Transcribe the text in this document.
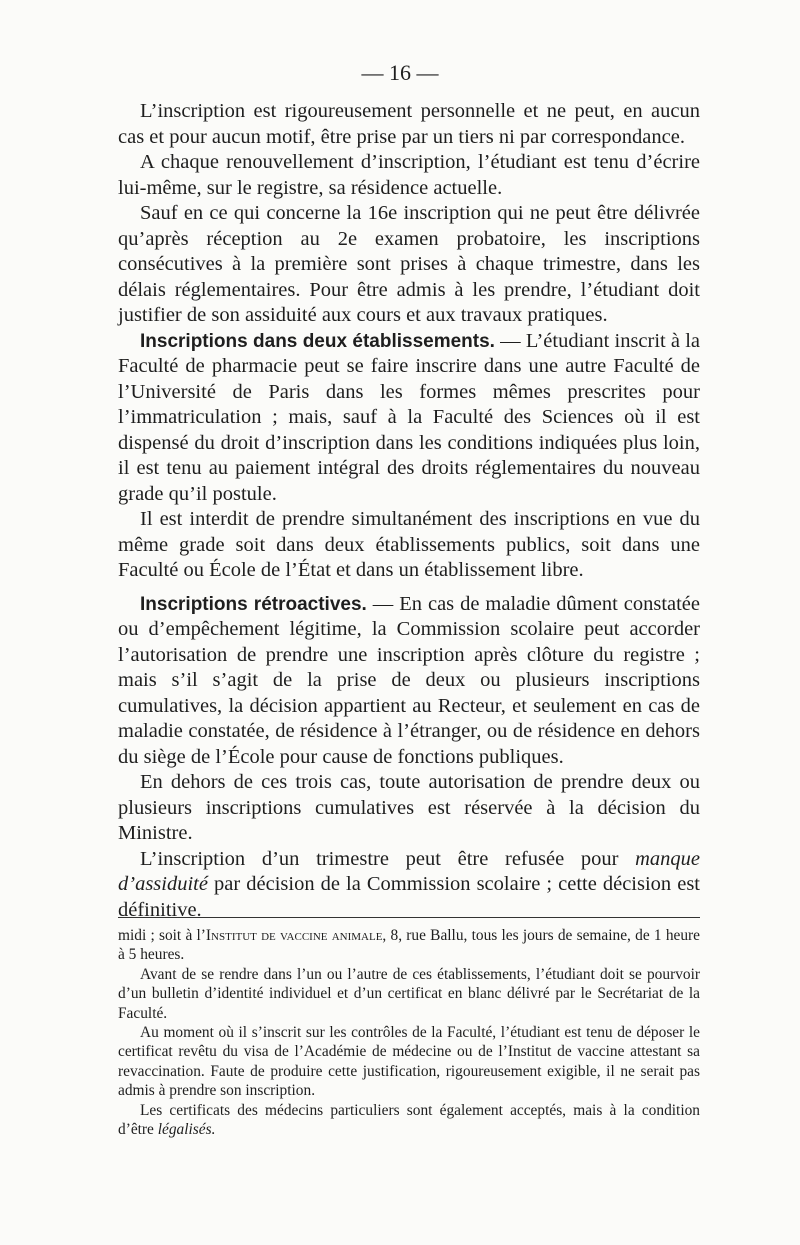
— 16 —

L’inscription est rigoureusement personnelle et ne peut, en aucun cas et pour aucun motif, être prise par un tiers ni par correspondance.

A chaque renouvellement d’inscription, l’étudiant est tenu d’écrire lui-même, sur le registre, sa résidence actuelle.

Sauf en ce qui concerne la 16e inscription qui ne peut être délivrée qu’après réception au 2e examen probatoire, les inscriptions consécutives à la première sont prises à chaque trimestre, dans les délais réglementaires. Pour être admis à les prendre, l’étudiant doit justifier de son assiduité aux cours et aux travaux pratiques.

Inscriptions dans deux établissements. — L’étudiant inscrit à la Faculté de pharmacie peut se faire inscrire dans une autre Faculté de l’Université de Paris dans les formes mêmes prescrites pour l’immatriculation ; mais, sauf à la Faculté des Sciences où il est dispensé du droit d’inscription dans les conditions indiquées plus loin, il est tenu au paiement intégral des droits réglementaires du nouveau grade qu’il postule.

Il est interdit de prendre simultanément des inscriptions en vue du même grade soit dans deux établissements publics, soit dans une Faculté ou École de l’État et dans un établissement libre.

Inscriptions rétroactives. — En cas de maladie dûment constatée ou d’empêchement légitime, la Commission scolaire peut accorder l’autorisation de prendre une inscription après clôture du registre ; mais s’il s’agit de la prise de deux ou plusieurs inscriptions cumulatives, la décision appartient au Recteur, et seulement en cas de maladie constatée, de résidence à l’étranger, ou de résidence en dehors du siège de l’École pour cause de fonctions publiques.

En dehors de ces trois cas, toute autorisation de prendre deux ou plusieurs inscriptions cumulatives est réservée à la décision du Ministre.

L’inscription d’un trimestre peut être refusée pour manque d’assiduité par décision de la Commission scolaire ; cette décision est définitive.

midi ; soit à l’Institut de vaccine animale, 8, rue Ballu, tous les jours de semaine, de 1 heure à 5 heures.

Avant de se rendre dans l’un ou l’autre de ces établissements, l’étudiant doit se pourvoir d’un bulletin d’identité individuel et d’un certificat en blanc délivré par le Secrétariat de la Faculté.

Au moment où il s’inscrit sur les contrôles de la Faculté, l’étudiant est tenu de déposer le certificat revêtu du visa de l’Académie de médecine ou de l’Institut de vaccine attestant sa revaccination. Faute de produire cette justification, rigoureusement exigible, il ne serait pas admis à prendre son inscription.

Les certificats des médecins particuliers sont également acceptés, mais à la condition d’être légalisés.
